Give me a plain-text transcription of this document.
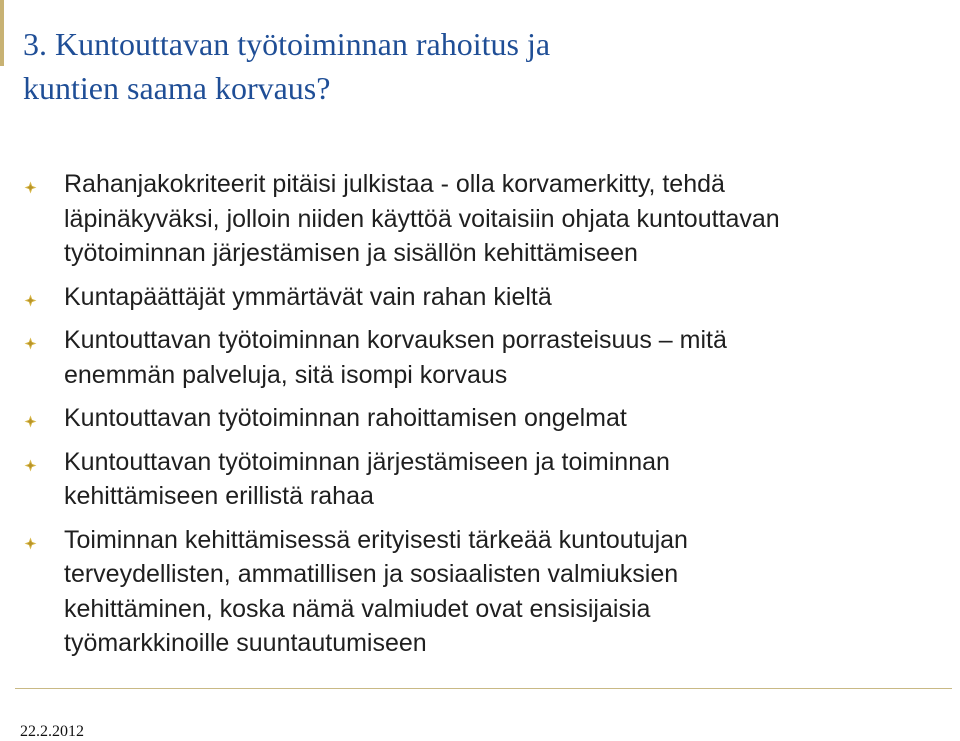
3. Kuntouttavan työtoiminnan rahoitus ja
kuntien saama korvaus?
Rahanjakokriteerit pitäisi julkistaa - olla korvamerkitty, tehdä
läpinäkyväksi, jolloin niiden käyttöä voitaisiin ohjata kuntouttavan
työtoiminnan järjestämisen ja sisällön kehittämiseen
Kuntapäättäjät ymmärtävät vain rahan kieltä
Kuntouttavan työtoiminnan korvauksen porrasteisuus – mitä
enemmän palveluja, sitä isompi korvaus
Kuntouttavan työtoiminnan rahoittamisen ongelmat
Kuntouttavan työtoiminnan järjestämiseen ja toiminnan
kehittämiseen erillistä rahaa
Toiminnan kehittämisessä erityisesti tärkeää kuntoutujan
terveydellisten, ammatillisen ja sosiaalisten valmiuksien
kehittäminen, koska nämä valmiudet ovat ensisijaisia
työmarkkinoille suuntautumiseen
22.2.2012
